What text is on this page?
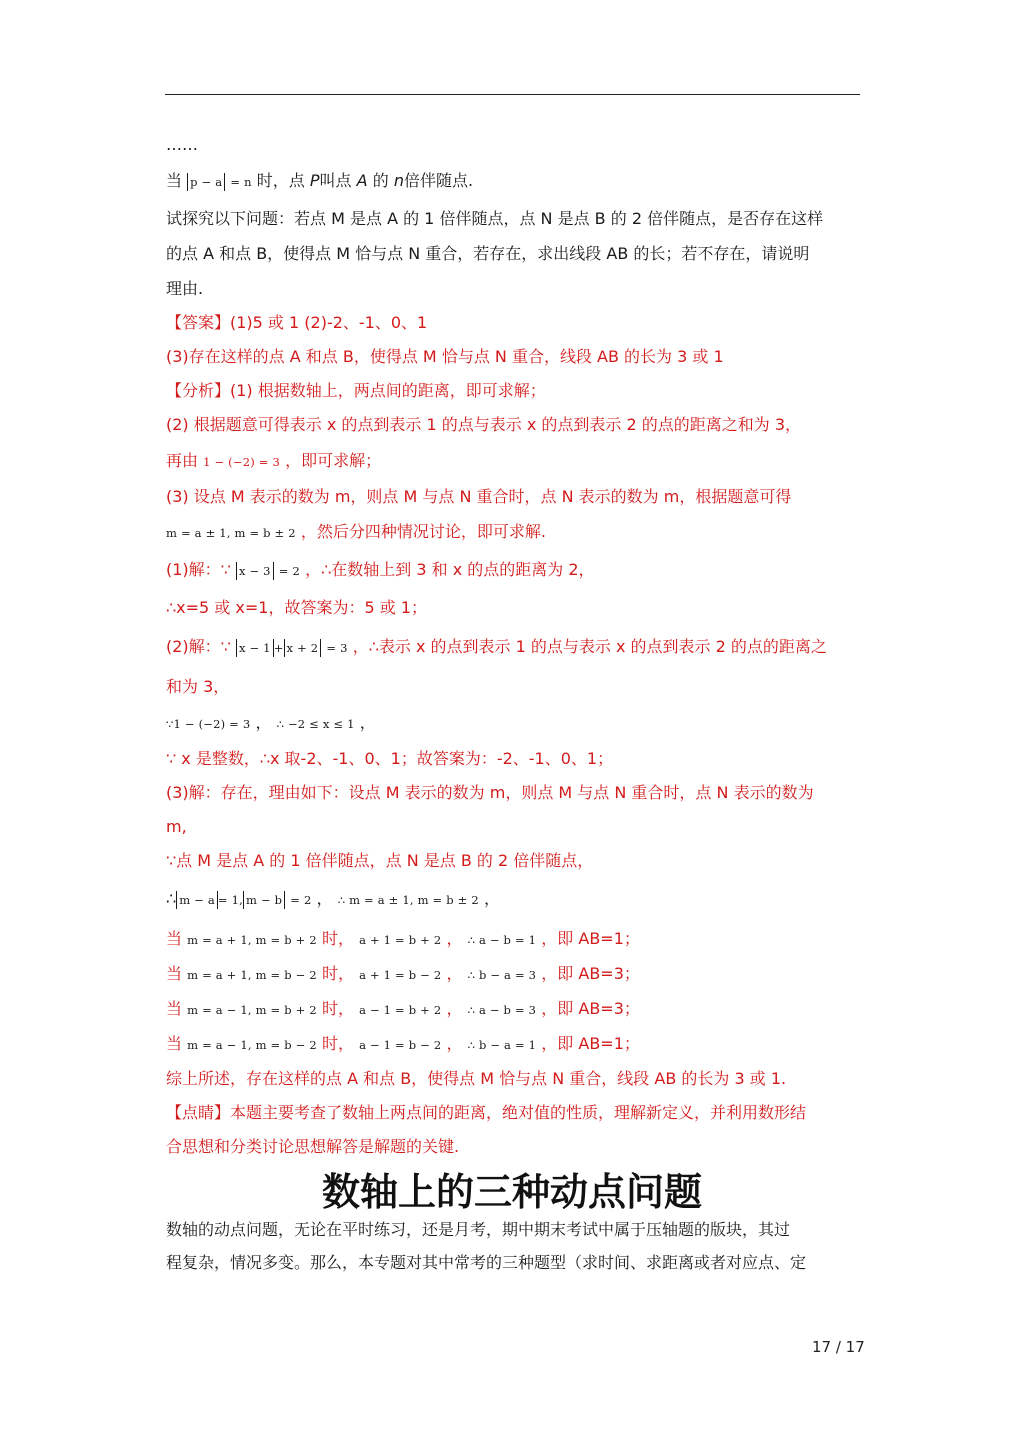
……
当 p − a = n 时，点 P叫点 A 的 n倍伴随点.
试探究以下问题：若点 M 是点 A 的 1 倍伴随点，点 N 是点 B 的 2 倍伴随点，是否存在这样
的点 A 和点 B，使得点 M 恰与点 N 重合，若存在，求出线段 AB 的长；若不存在，请说明
理由.
【答案】(1)5 或 1 (2)-2、-1、0、1
(3)存在这样的点 A 和点 B，使得点 M 恰与点 N 重合，线段 AB 的长为 3 或 1
【分析】(1) 根据数轴上，两点间的距离，即可求解；
(2) 根据题意可得表示 x 的点到表示 1 的点与表示 x 的点到表示 2 的点的距离之和为 3，
再由 1 − (−2) = 3 ，即可求解；
(3) 设点 M 表示的数为 m，则点 M 与点 N 重合时，点 N 表示的数为 m，根据题意可得
m = a ± 1, m = b ± 2 ，然后分四种情况讨论，即可求解.
(1)解：∵ x − 3 = 2 ，∴在数轴上到 3 和 x 的点的距离为 2，
∴x=5 或 x=1，故答案为：5 或 1；
(2)解：∵ x − 1 + x + 2 = 3 ，∴表示 x 的点到表示 1 的点与表示 x 的点到表示 2 的点的距离之
和为 3，
∵1 − (−2) = 3 ， ∴ −2 ≤ x ≤ 1 ，
∵ x 是整数，∴x 取-2、-1、0、1；故答案为：-2、-1、0、1；
(3)解：存在，理由如下：设点 M 表示的数为 m，则点 M 与点 N 重合时，点 N 表示的数为
m,
∵点 M 是点 A 的 1 倍伴随点，点 N 是点 B 的 2 倍伴随点，
∴ m − a = 1, m − b = 2 ， ∴ m = a ± 1, m = b ± 2 ，
当 m = a + 1, m = b + 2 时， a + 1 = b + 2 ， ∴ a − b = 1 ，即 AB=1；
当 m = a + 1, m = b − 2 时， a + 1 = b − 2 ， ∴ b − a = 3 ，即 AB=3；
当 m = a − 1, m = b + 2 时， a − 1 = b + 2 ， ∴ a − b = 3 ，即 AB=3；
当 m = a − 1, m = b − 2 时， a − 1 = b − 2 ， ∴ b − a = 1 ，即 AB=1；
综上所述，存在这样的点 A 和点 B，使得点 M 恰与点 N 重合，线段 AB 的长为 3 或 1.
【点睛】本题主要考查了数轴上两点间的距离，绝对值的性质，理解新定义，并利用数形结
合思想和分类讨论思想解答是解题的关键.
数轴上的三种动点问题
数轴的动点问题，无论在平时练习，还是月考，期中期末考试中属于压轴题的版块，其过
程复杂，情况多变。那么，本专题对其中常考的三种题型（求时间、求距离或者对应点、定
17 / 17
